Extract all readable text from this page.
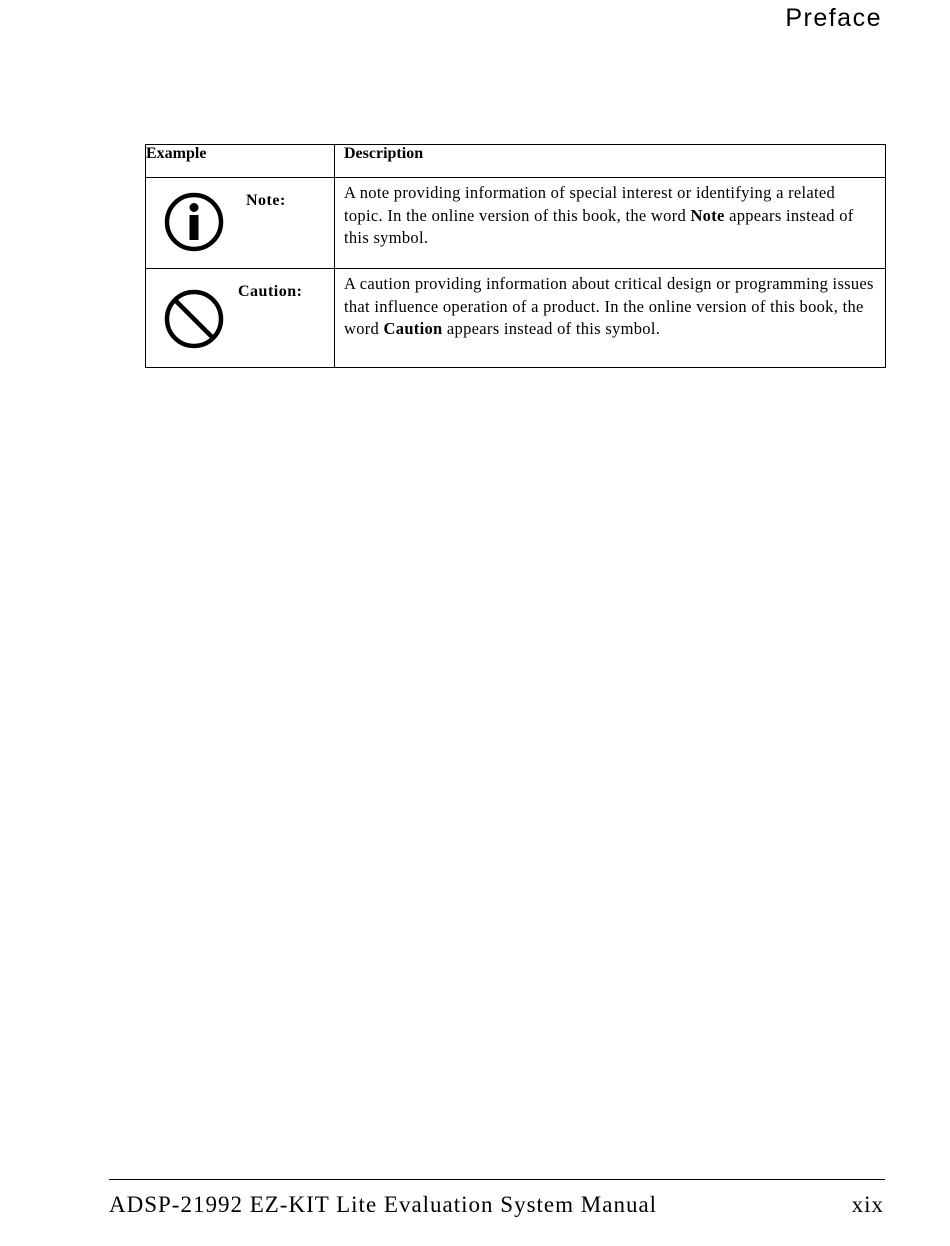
Preface
Example	Description

Note:	A note providing information of special interest or identifying a related topic. In the online version of this book, the word Note appears instead of this symbol.

Caution:	A caution providing information about critical design or programming issues that influence operation of a product. In the online version of this book, the word Caution appears instead of this symbol.
ADSP-21992 EZ-KIT Lite Evaluation System Manual	xix
